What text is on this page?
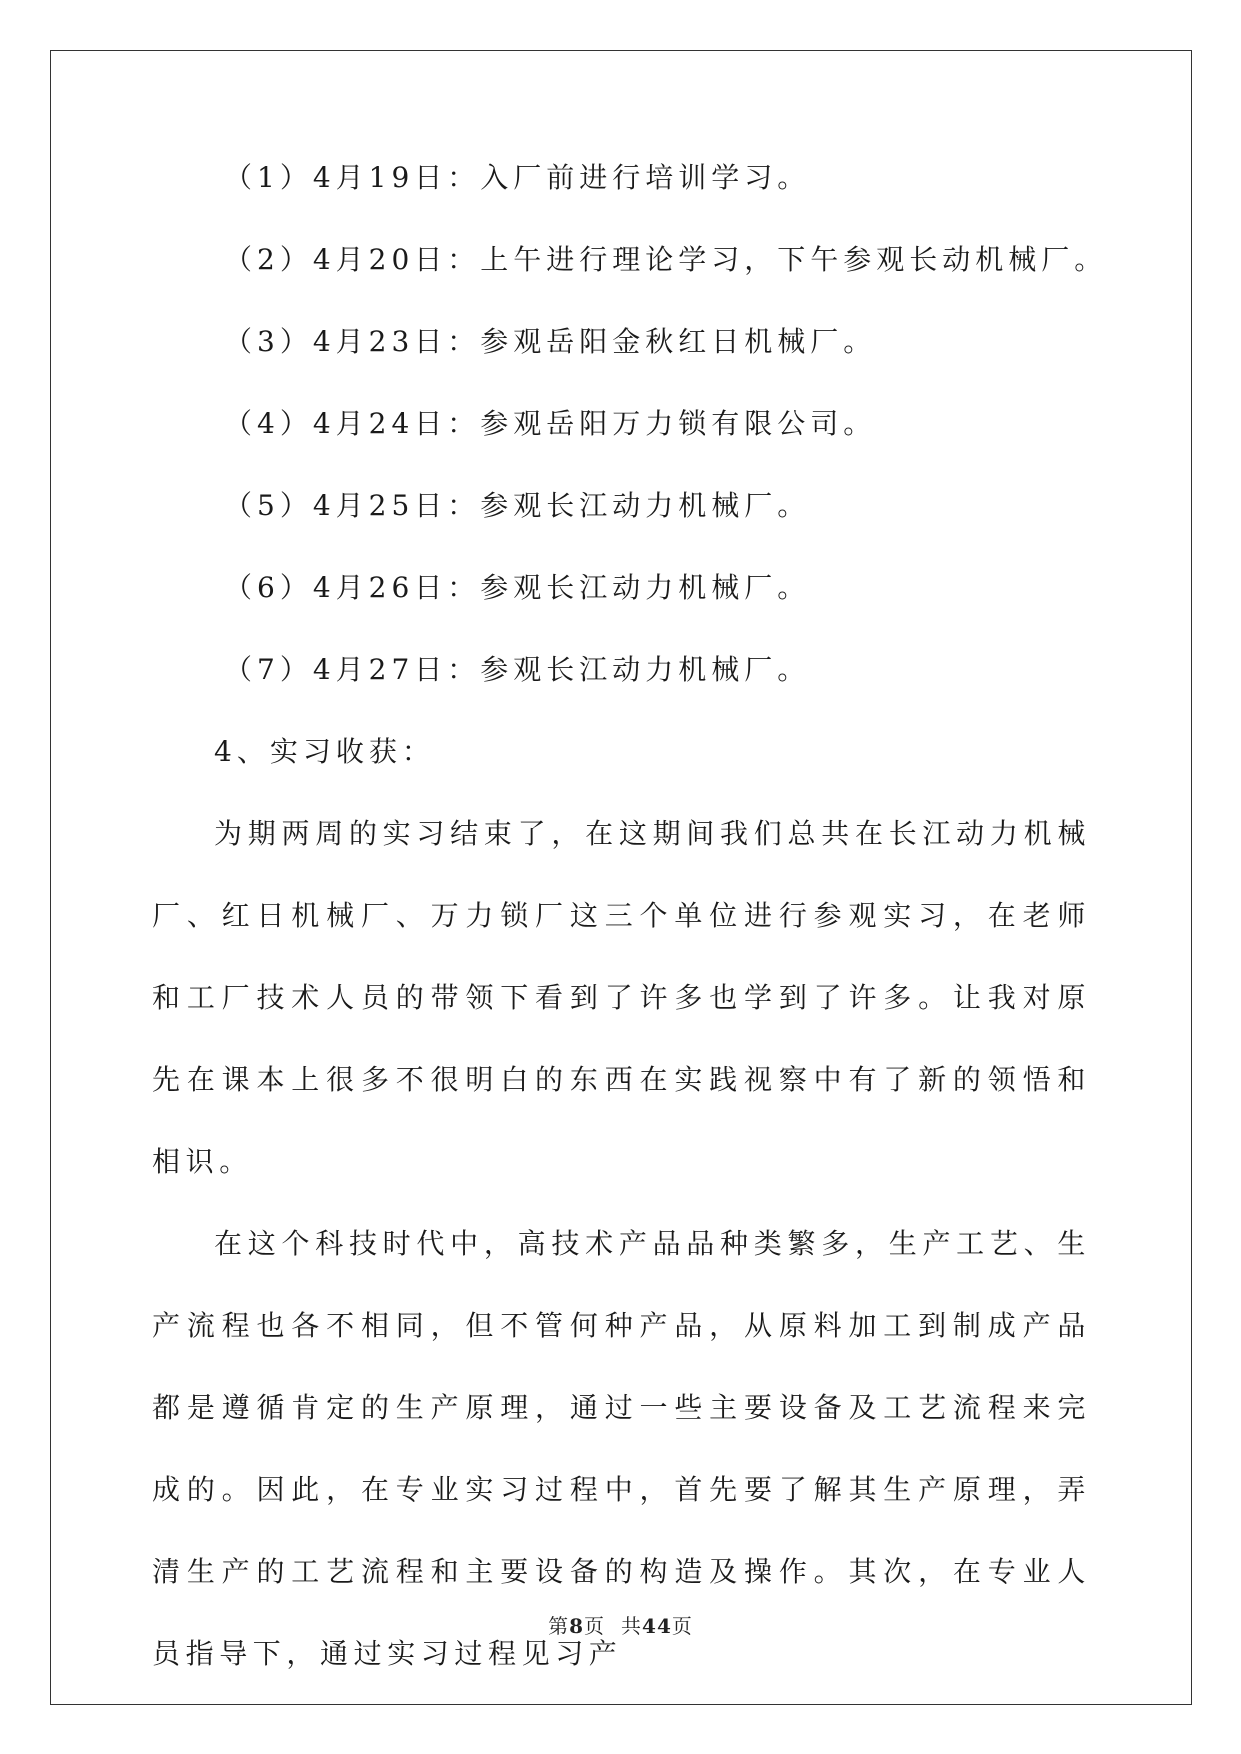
（1）4月19日：入厂前进行培训学习。
（2）4月20日：上午进行理论学习，下午参观长动机械厂。
（3）4月23日：参观岳阳金秋红日机械厂。
（4）4月24日：参观岳阳万力锁有限公司。
（5）4月25日：参观长江动力机械厂。
（6）4月26日：参观长江动力机械厂。
（7）4月27日：参观长江动力机械厂。
4、实习收获：

为期两周的实习结束了，在这期间我们总共在长江动力机械厂、红日机械厂、万力锁厂这三个单位进行参观实习，在老师和工厂技术人员的带领下看到了许多也学到了许多。让我对原先在课本上很多不很明白的东西在实践视察中有了新的领悟和相识。

在这个科技时代中，高技术产品品种类繁多，生产工艺、生产流程也各不相同，但不管何种产品，从原料加工到制成产品都是遵循肯定的生产原理，通过一些主要设备及工艺流程来完成的。因此，在专业实习过程中，首先要了解其生产原理，弄清生产的工艺流程和主要设备的构造及操作。其次，在专业人员指导下，通过实习过程见习产

第8页 共44页
